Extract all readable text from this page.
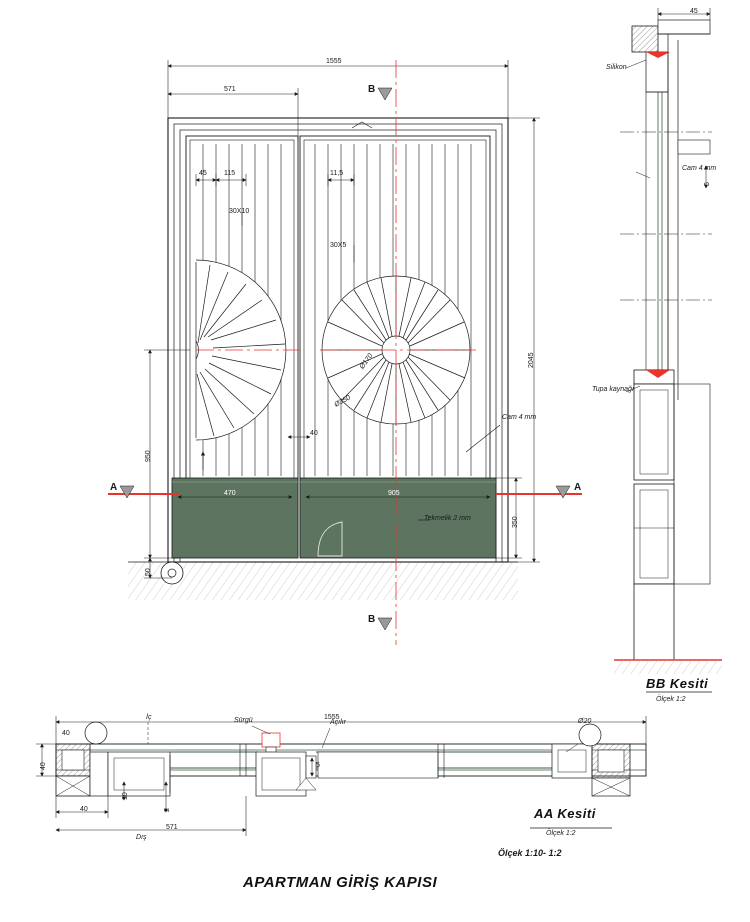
1555
571
45 115	11,5
30X10
30X5
Ø170
Ø350
40
Cam 4 mm
Tekmelik 2 mm
470	905
2045
350
950
50
A	A
B
B
1555
40
40
40
10
2
571
5
Ø20
İç
Dış
Sürgü	Açılır
AA Kesiti
Ölçek 1:2
Ölçek 1:10- 1:2
45
5
Silikon
Cam 4 mm
Tupa kaynağı
BB Kesiti
Ölçek 1:2
APARTMAN GİRİŞ KAPISI
